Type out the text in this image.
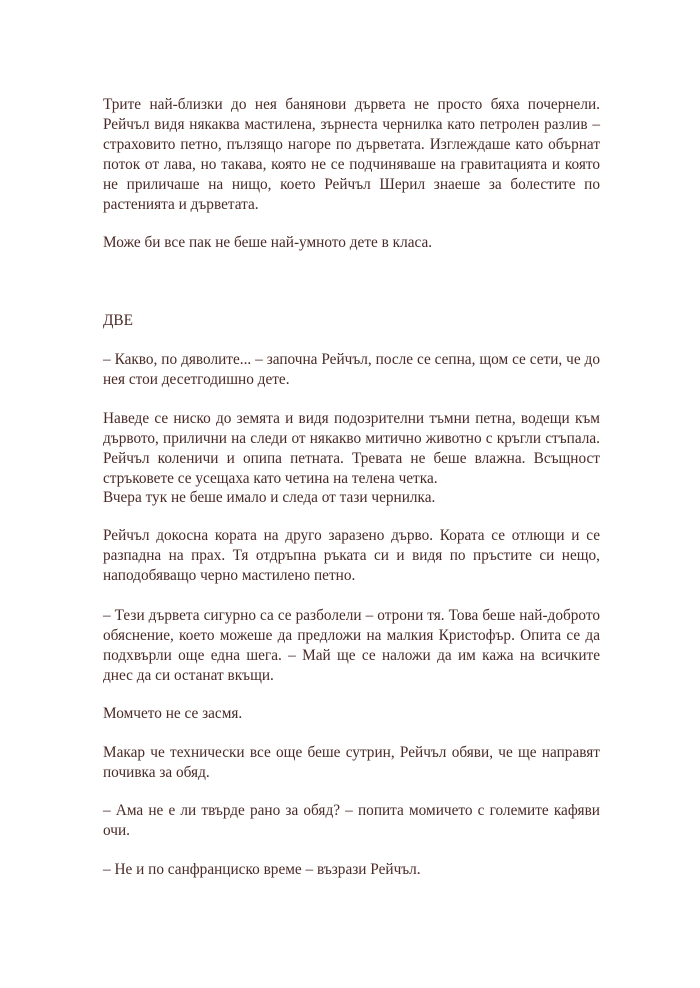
Трите най-близки до нея банянови дървета не просто бяха почернели. Рейчъл видя някаква мастилена, зърнеста чернилка като петролен разлив – страховито петно, пълзящо нагоре по дърветата. Изглеждаше като обърнат поток от лава, но такава, която не се подчиняваше на гравитацията и която не приличаше на нищо, което Рейчъл Шерил знаеше за болестите по растенията и дърветата.

Може би все пак не беше най-умното дете в класа.

ДВЕ

– Какво, по дяволите... – започна Рейчъл, после се сепна, щом се сети, че до нея стои десетгодишно дете.

Наведе се ниско до земята и видя подозрителни тъмни петна, водещи към дървото, прилични на следи от някакво митично животно с кръгли стъпала. Рейчъл коленичи и опипа петната. Тревата не беше влажна. Всъщност стръковете се усещаха като четина на телена четка.

Вчера тук не беше имало и следа от тази чернилка.

Рейчъл докосна кората на друго заразено дърво. Кората се отлющи и се разпадна на прах. Тя отдръпна ръката си и видя по пръстите си нещо, наподобяващо черно мастилено петно.

– Тези дървета сигурно са се разболели – отрони тя. Това беше най-доброто обяснение, което можеше да предложи на малкия Кристофър. Опита се да подхвърли още една шега. – Май ще се наложи да им кажа на всичките днес да си останат вкъщи.

Момчето не се засмя.

Макар че технически все още беше сутрин, Рейчъл обяви, че ще направят почивка за обяд.

– Ама не е ли твърде рано за обяд? – попита момичето с големите кафяви очи.

– Не и по санфранциско време – възрази Рейчъл.
